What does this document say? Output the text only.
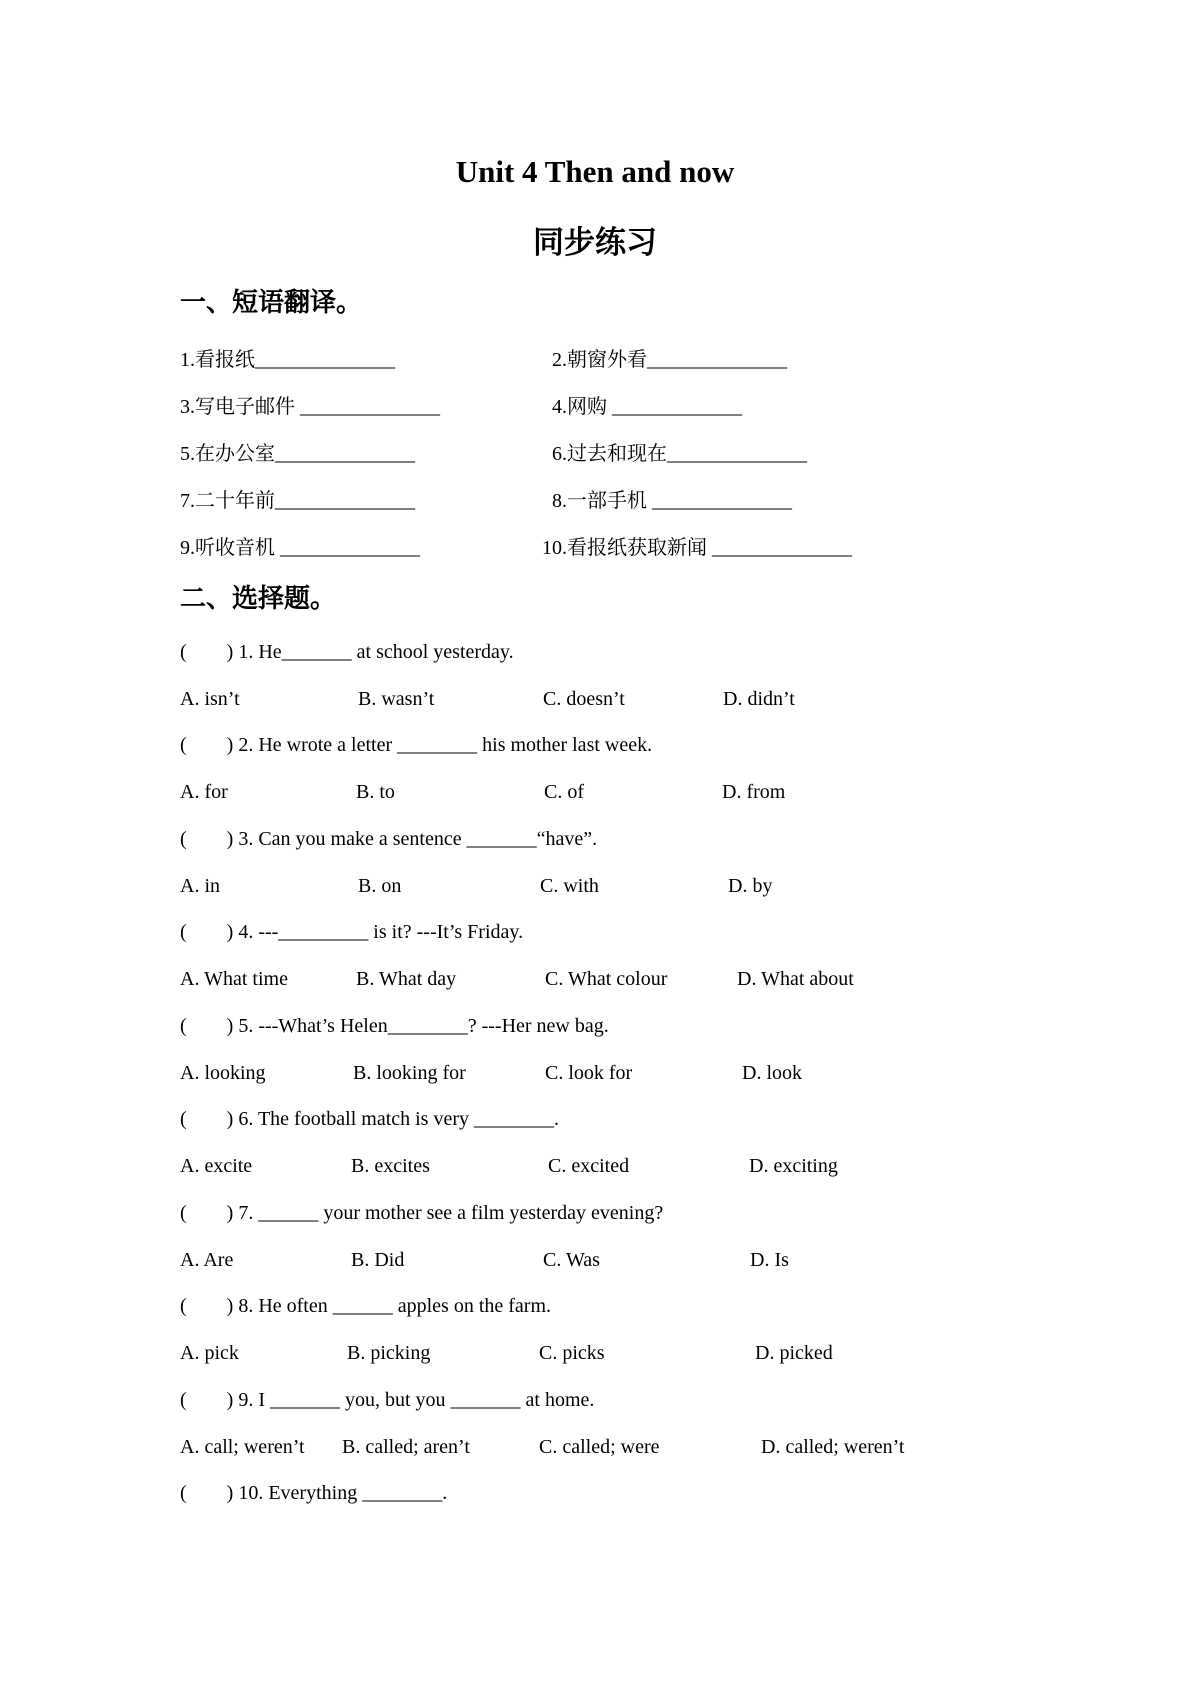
Unit 4 Then and now
同步练习
一、短语翻译。
1.看报纸______________	2.朝窗外看______________
3.写电子邮件 ______________	4.网购 _____________
5.在办公室______________	6.过去和现在______________
7.二十年前______________	8.一部手机 ______________
9.听收音机 ______________	10.看报纸获取新闻 ______________
二、选择题。
(        ) 1. He_______ at school yesterday.
A. isn’t	B. wasn’t	C. doesn’t	D. didn’t
(        ) 2. He wrote a letter ________ his mother last week.
A. for	B. to	C. of	D. from
(        ) 3. Can you make a sentence _______“have”.
A. in	B. on	C. with	D. by
(        ) 4. ---_________ is it? ---It’s Friday.
A. What time	B. What day	C. What colour	D. What about
(        ) 5. ---What’s Helen________? ---Her new bag.
A. looking	B. looking for	C. look for	D. look
(        ) 6. The football match is very ________.
A. excite	B. excites	C. excited	D. exciting
(        ) 7. ______ your mother see a film yesterday evening?
A. Are	B. Did	C. Was	D. Is
(        ) 8. He often ______ apples on the farm.
A. pick	B. picking	C. picks	D. picked
(        ) 9. I _______ you, but you _______ at home.
A. call; weren’t B. called; aren’t	C. called; were	D. called; weren’t
(        ) 10. Everything ________.
